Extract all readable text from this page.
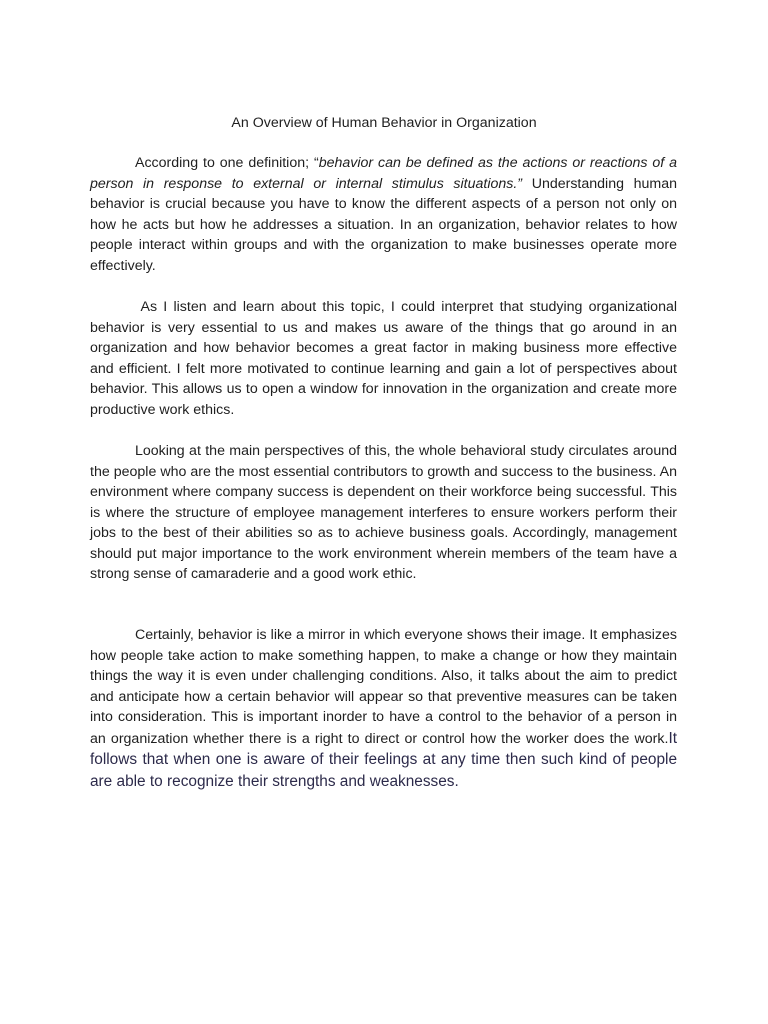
An Overview of Human Behavior in Organization

According to one definition; “behavior can be defined as the actions or reactions of a person in response to external or internal stimulus situations.” Understanding human behavior is crucial because you have to know the different aspects of a person not only on how he acts but how he addresses a situation. In an organization, behavior relates to how people interact within groups and with the organization to make businesses operate more effectively.

As I listen and learn about this topic, I could interpret that studying organizational behavior is very essential to us and makes us aware of the things that go around in an organization and how behavior becomes a great factor in making business more effective and efficient. I felt more motivated to continue learning and gain a lot of perspectives about behavior. This allows us to open a window for innovation in the organization and create more productive work ethics.

Looking at the main perspectives of this, the whole behavioral study circulates around the people who are the most essential contributors to growth and success to the business. An environment where company success is dependent on their workforce being successful. This is where the structure of employee management interferes to ensure workers perform their jobs to the best of their abilities so as to achieve business goals. Accordingly, management should put major importance to the work environment wherein members of the team have a strong sense of camaraderie and a good work ethic.

Certainly, behavior is like a mirror in which everyone shows their image. It emphasizes how people take action to make something happen, to make a change or how they maintain things the way it is even under challenging conditions. Also, it talks about the aim to predict and anticipate how a certain behavior will appear so that preventive measures can be taken into consideration. This is important inorder to have a control to the behavior of a person in an organization whether there is a right to direct or control how the worker does the work.It follows that when one is aware of their feelings at any time then such kind of people are able to recognize their strengths and weaknesses.
